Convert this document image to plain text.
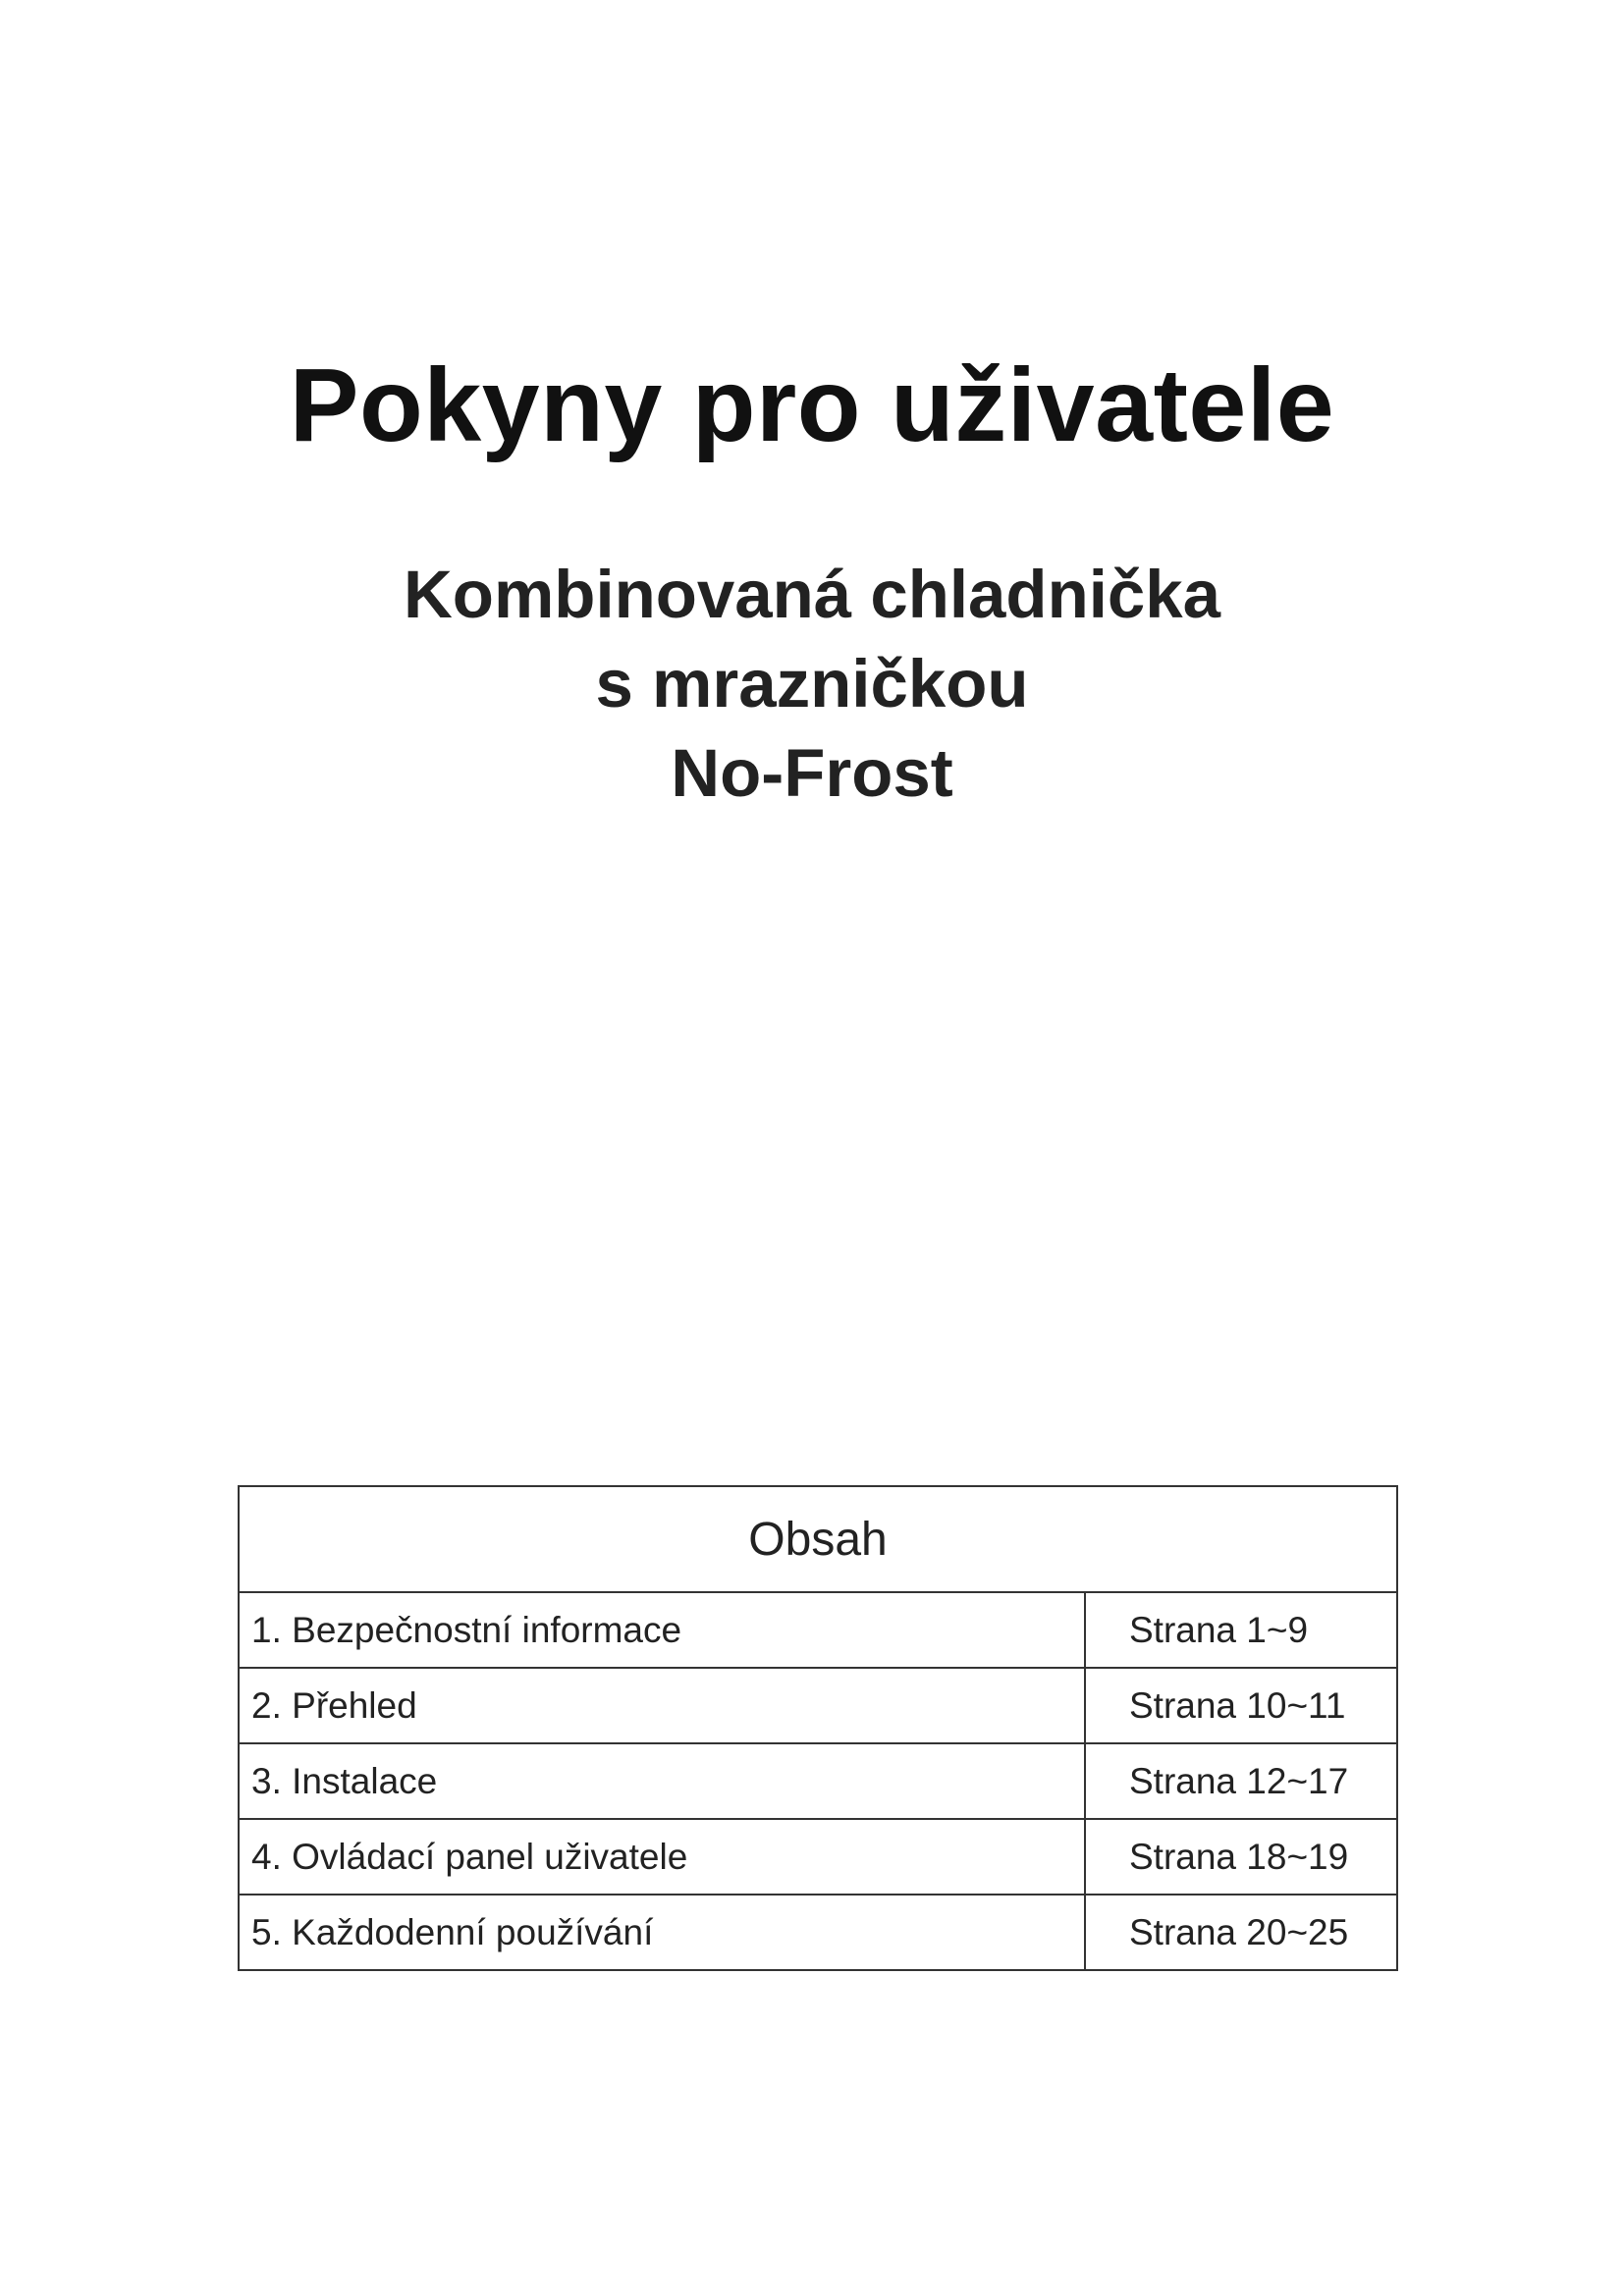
Pokyny pro uživatele
Kombinovaná chladnička
s mrazničkou
No-Frost
Obsah	
1. Bezpečnostní informace	Strana 1~9
2. Přehled	Strana 10~11
3. Instalace	Strana 12~17
4. Ovládací panel uživatele	Strana 18~19
5. Každodenní používání	Strana 20~25
